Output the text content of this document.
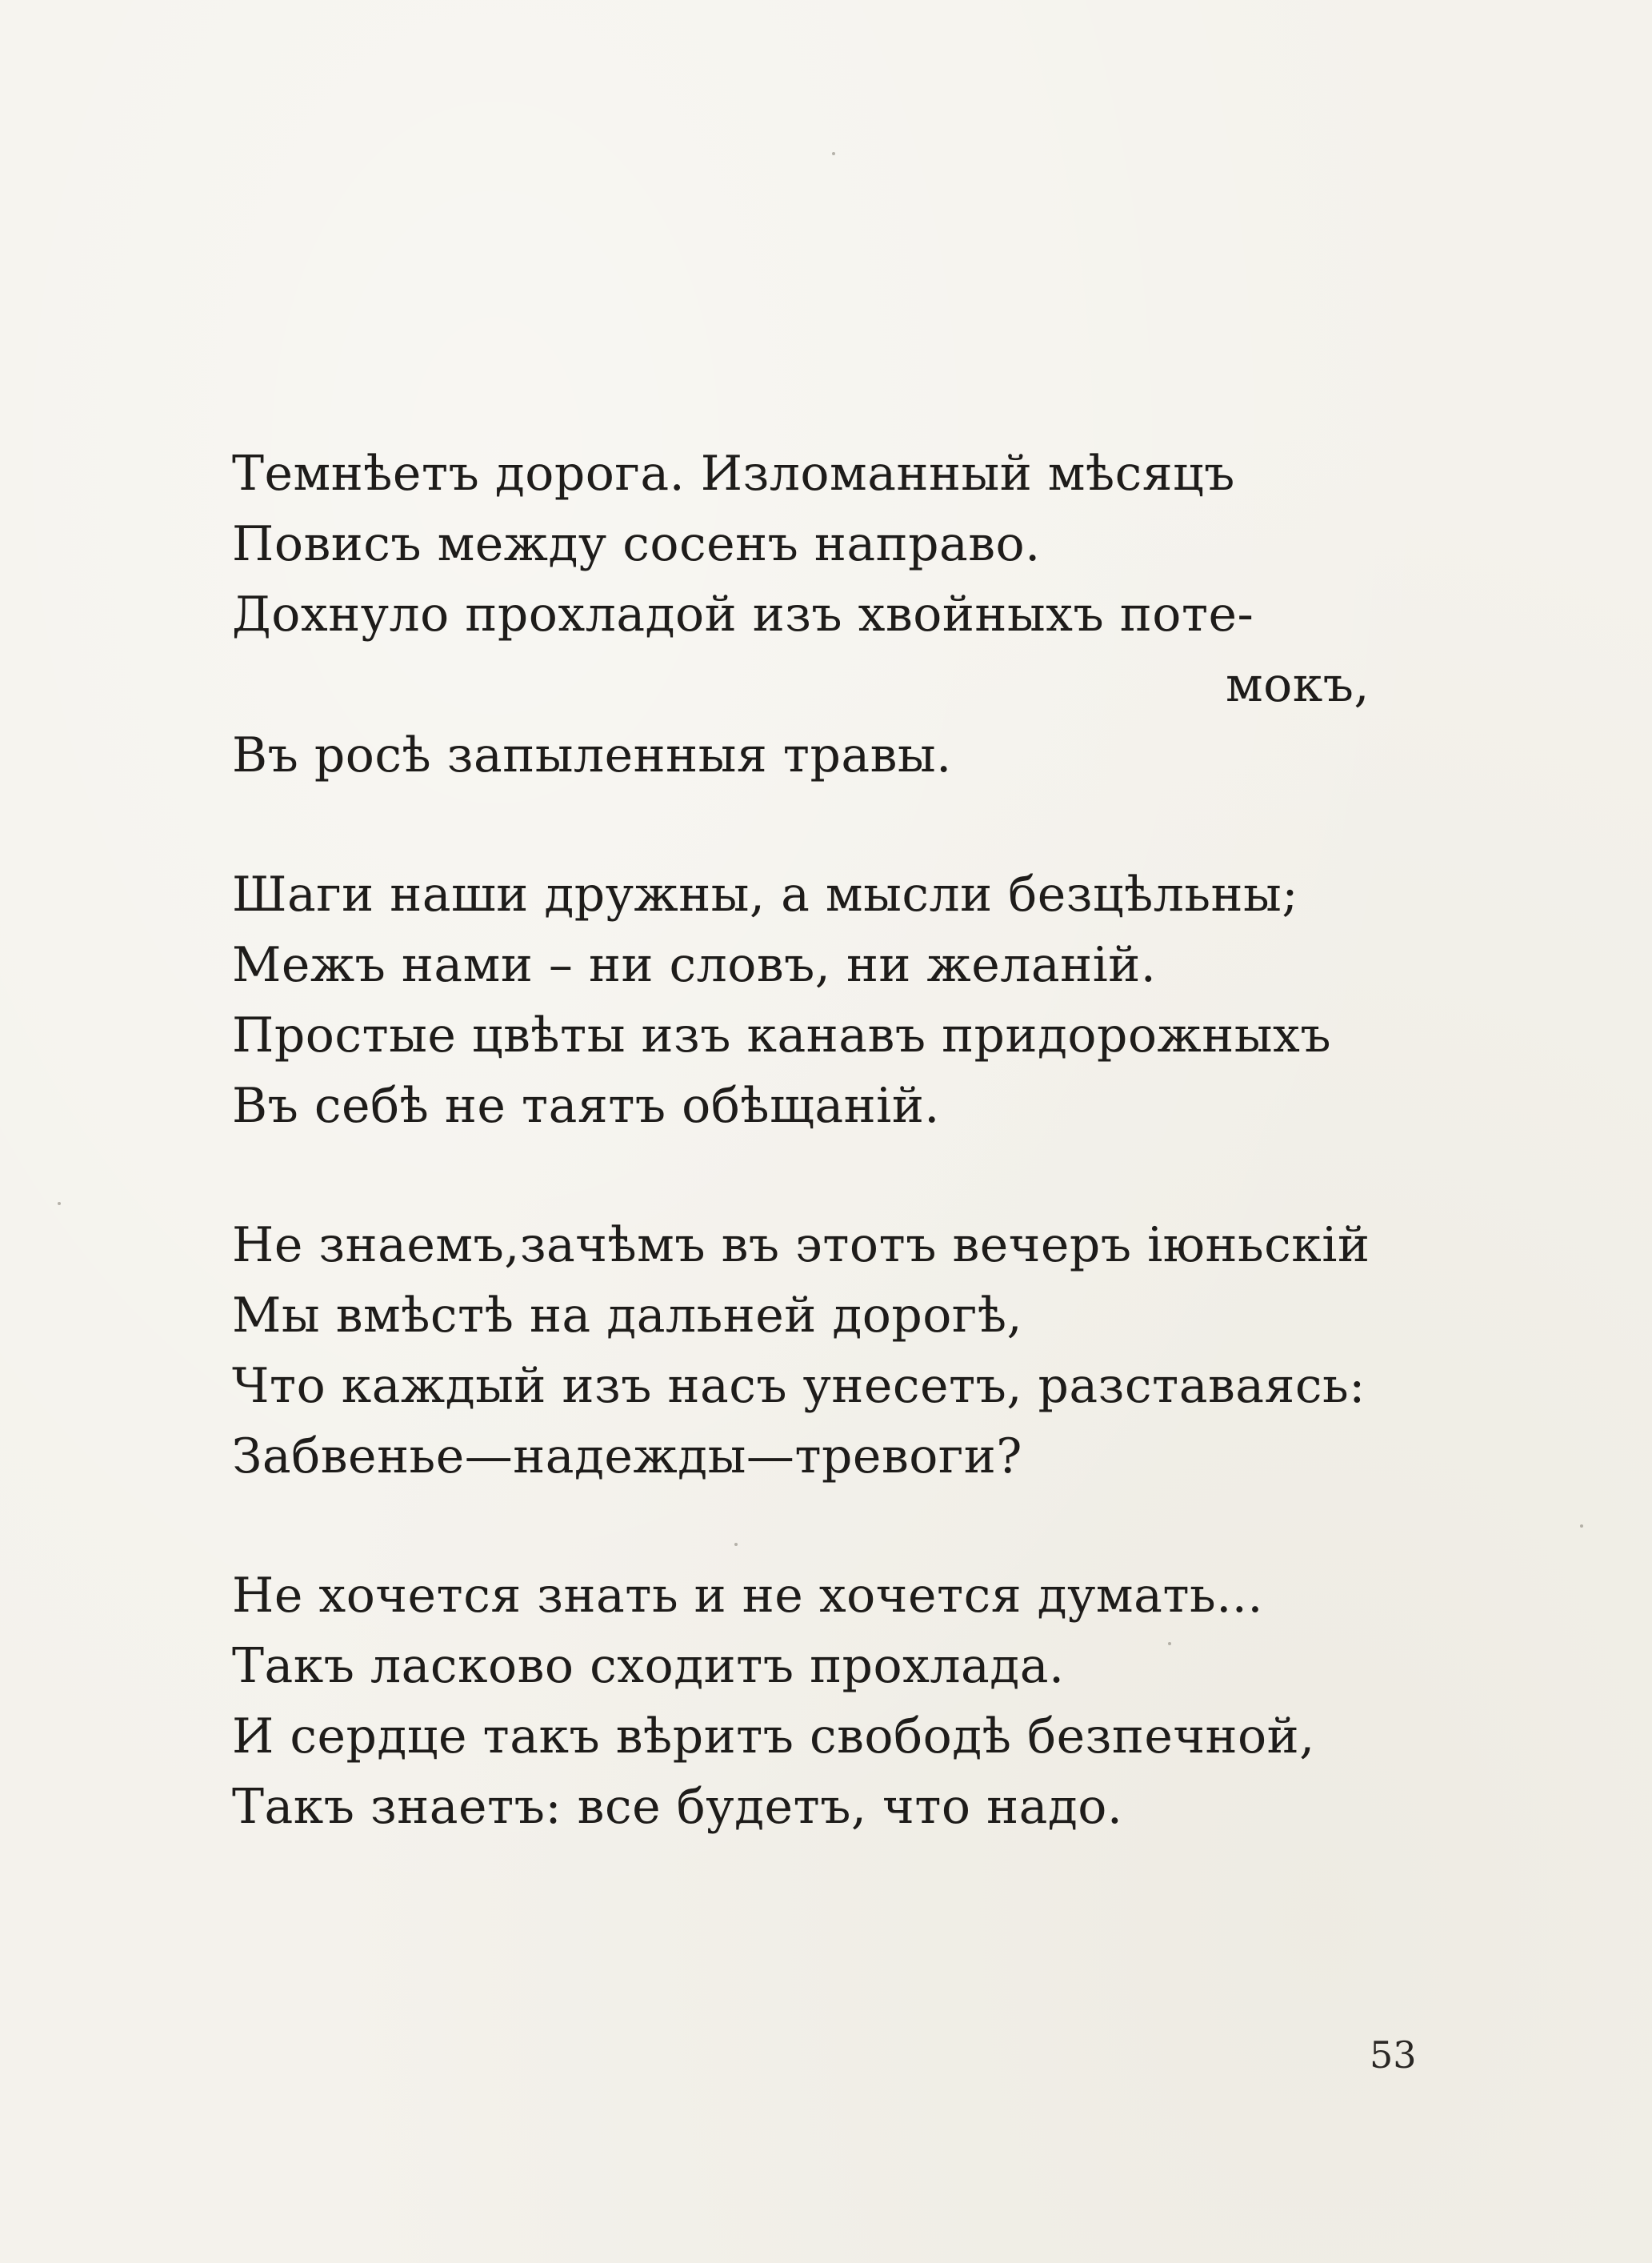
Темнѣетъ дорога. Изломанный мѣсяцъ
Повисъ между сосенъ направо.
Дохнуло прохладой изъ хвойныхъ поте-
мокъ,
Въ росѣ запыленныя травы.
Шаги наши дружны, а мысли безцѣльны;
Межъ нами – ни словъ, ни желаній.
Простые цвѣты изъ канавъ придорожныхъ
Въ себѣ не таятъ обѣщаній.
Не знаемъ,зачѣмъ въ этотъ вечеръ іюньскій
Мы вмѣстѣ на дальней дорогѣ,
Что каждый изъ насъ унесетъ, разставаясь:
Забвенье—надежды—тревоги?
Не хочется знать и не хочется думать...
Такъ ласково сходитъ прохлада.
И сердце такъ вѣритъ свободѣ безпечной,
Такъ знаетъ: все будетъ, что надо.
53
